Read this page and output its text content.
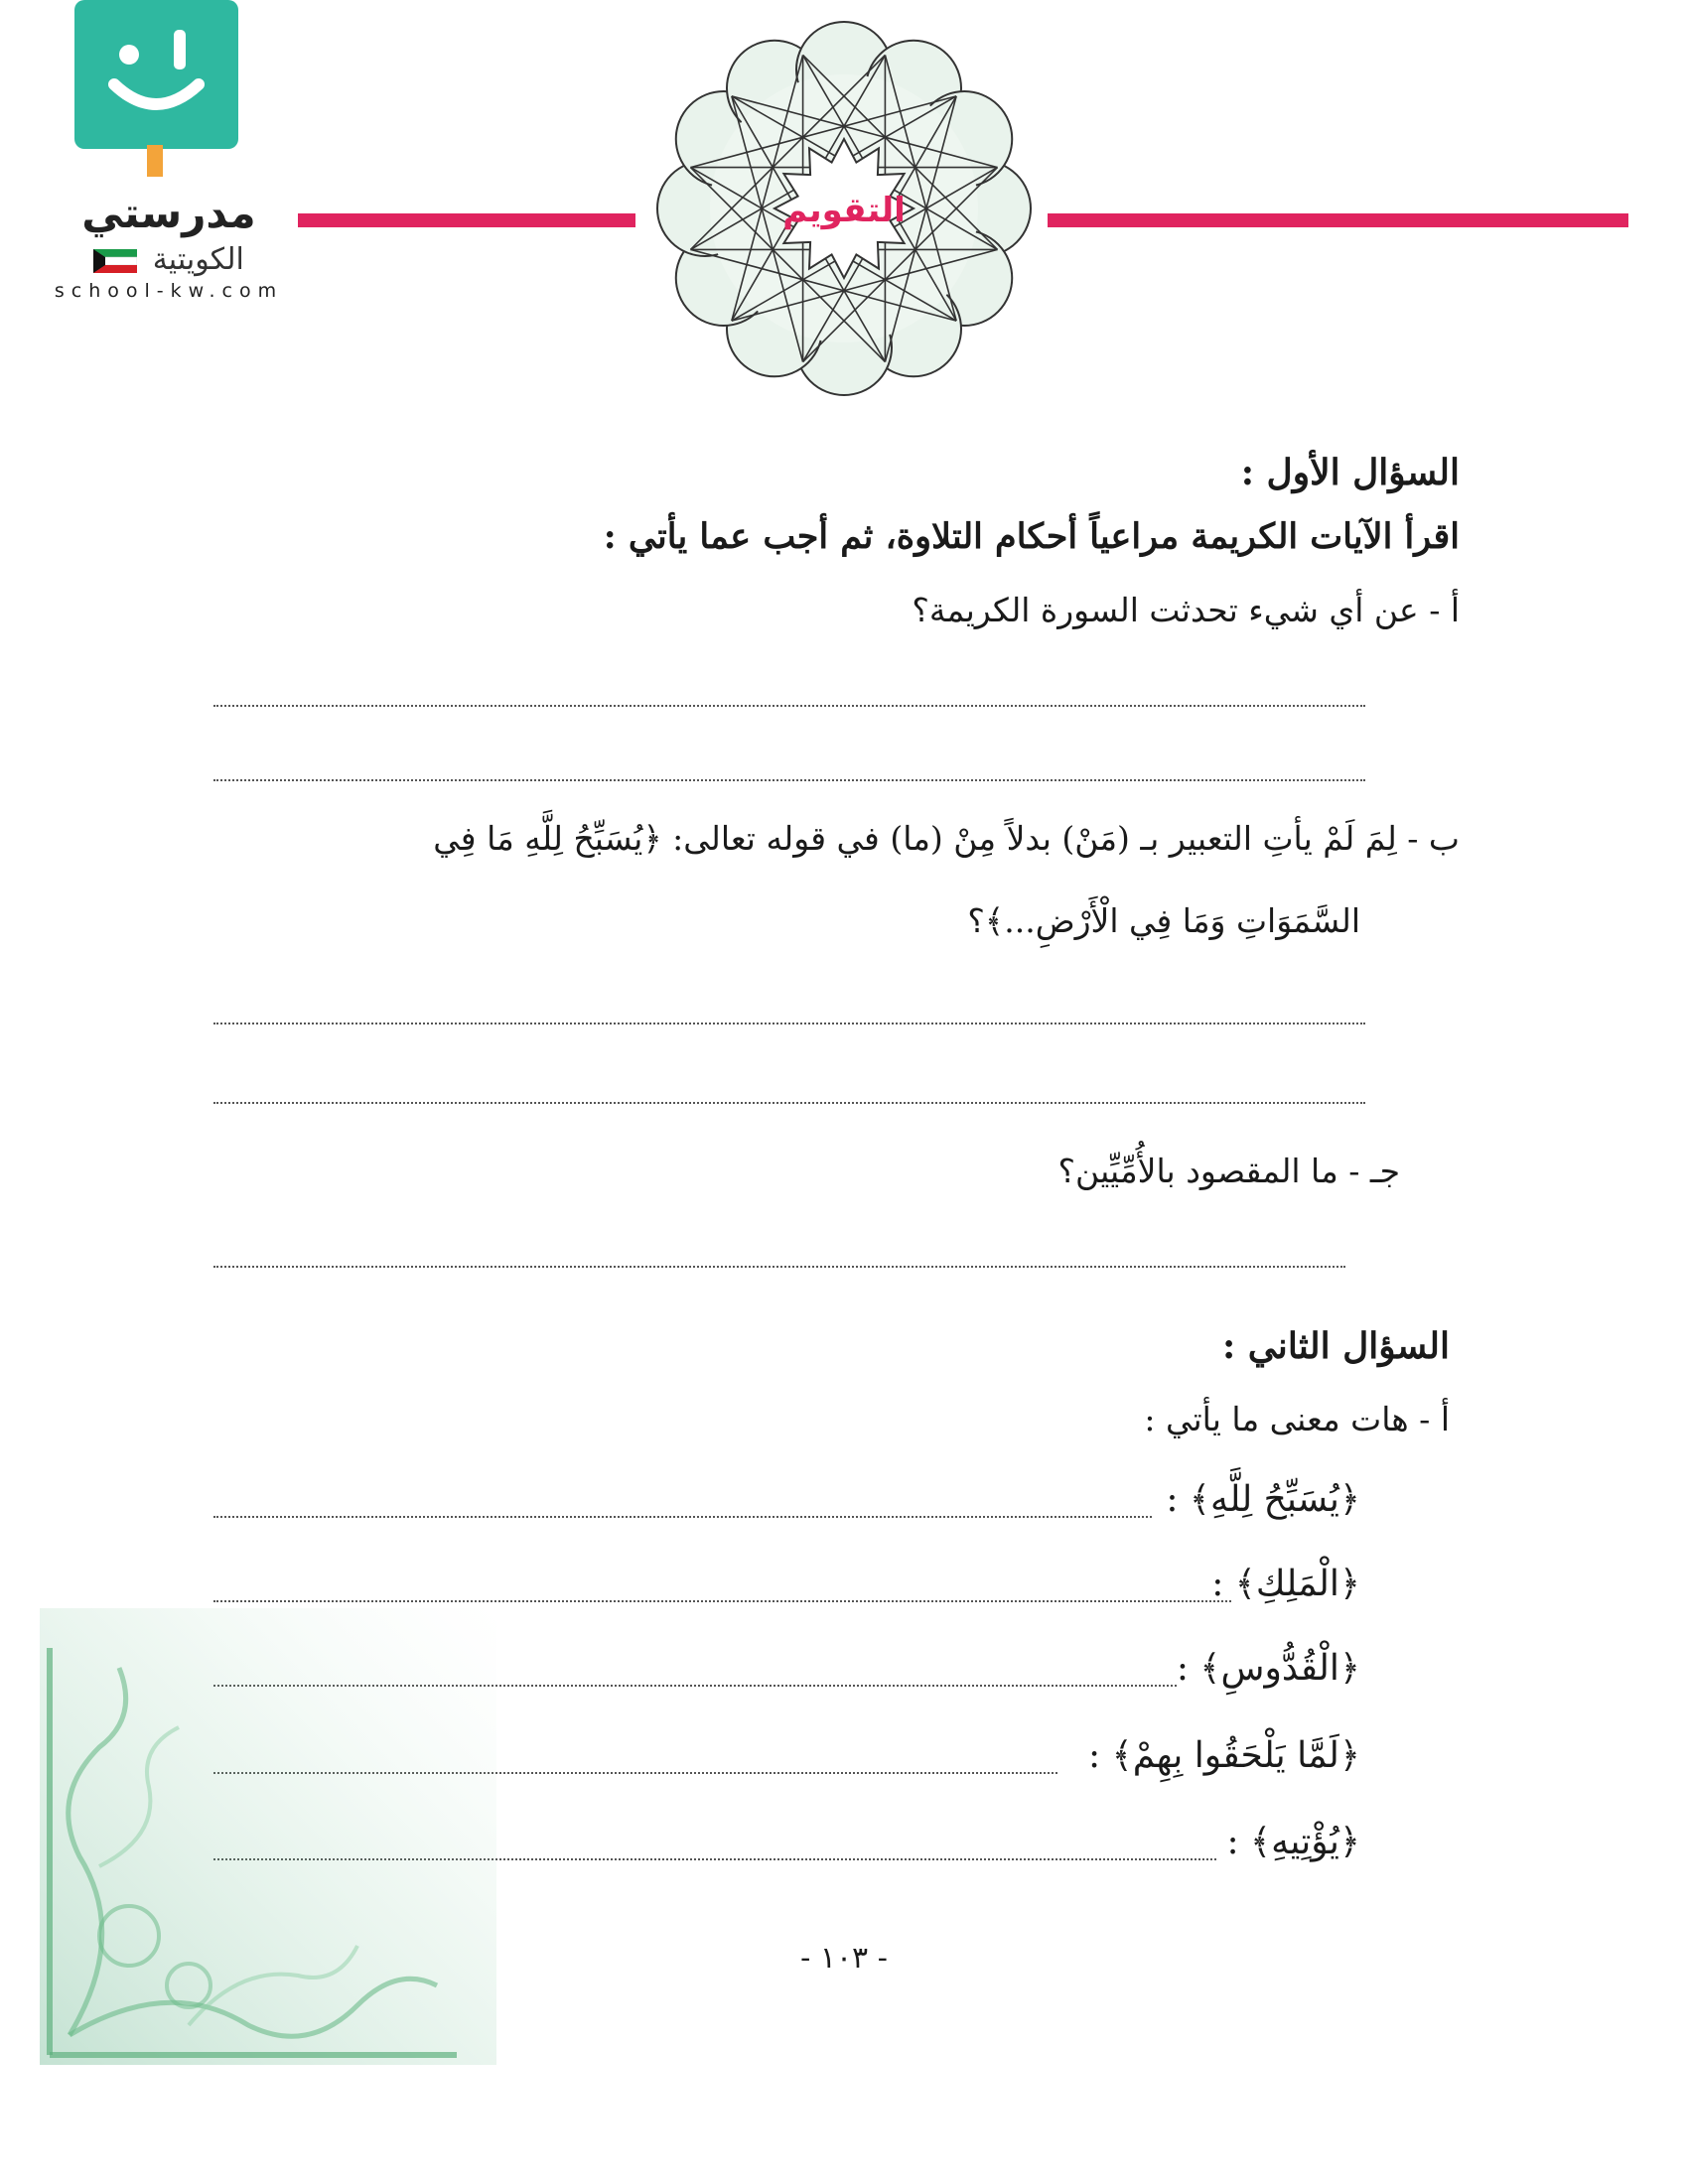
مدرستي
الكويتية
school-kw.com
التقويم
السؤال الأول :
اقرأ الآيات الكريمة مراعياً أحكام التلاوة، ثم أجب عما يأتي :
أ - عن أي شيء تحدثت السورة الكريمة؟
ب - لِمَ لَمْ يأتِ التعبير بـ (مَنْ) بدلاً مِنْ (ما) في قوله تعالى: ﴿يُسَبِّحُ لِلَّهِ مَا فِي
السَّمَوَاتِ وَمَا فِي الْأَرْضِ...﴾؟
جـ - ما المقصود بالأُمِّيِّين؟
السؤال الثاني :
أ - هات معنى ما يأتي :
﴿يُسَبِّحُ لِلَّهِ﴾ :
﴿الْمَلِكِ﴾ :
﴿الْقُدُّوسِ﴾ :
﴿لَمَّا يَلْحَقُوا بِهِمْ﴾ :
﴿يُؤْتِيهِ﴾ :
- ١٠٣ -
